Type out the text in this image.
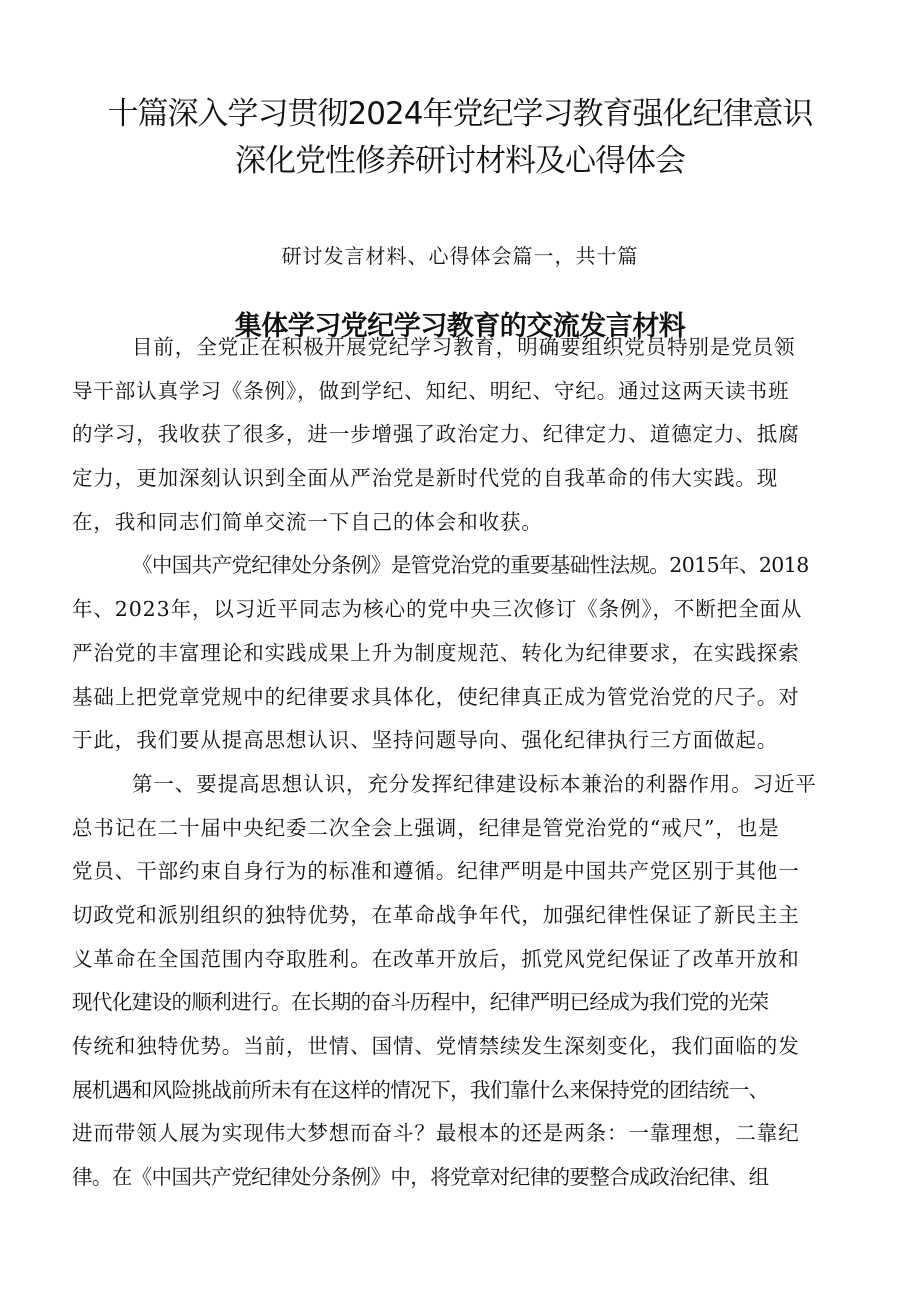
十篇深入学习贯彻2024年党纪学习教育强化纪律意识
深化党性修养研讨材料及心得体会
研讨发言材料、心得体会篇一，共十篇
集体学习党纪学习教育的交流发言材料
目前，全党正在积极开展党纪学习教育，明确要组织党员特别是党员领
导干部认真学习《条例》，做到学纪、知纪、明纪、守纪。通过这两天读书班
的学习，我收获了很多，进一步增强了政治定力、纪律定力、道德定力、抵腐
定力，更加深刻认识到全面从严治党是新时代党的自我革命的伟大实践。现
在，我和同志们简单交流一下自己的体会和收获。
《中国共产党纪律处分条例》是管党治党的重要基础性法规。2015年、2018
年、2023年，以习近平同志为核心的党中央三次修订《条例》，不断把全面从
严治党的丰富理论和实践成果上升为制度规范、转化为纪律要求，在实践探索
基础上把党章党规中的纪律要求具体化，使纪律真正成为管党治党的尺子。对
于此，我们要从提高思想认识、坚持问题导向、强化纪律执行三方面做起。
第一、要提高思想认识，充分发挥纪律建设标本兼治的利器作用。习近平
总书记在二十届中央纪委二次全会上强调，纪律是管党治党的“戒尺”，也是
党员、干部约束自身行为的标准和遵循。纪律严明是中国共产党区别于其他一
切政党和派别组织的独特优势，在革命战争年代，加强纪律性保证了新民主主
义革命在全国范围内夺取胜利。在改革开放后，抓党风党纪保证了改革开放和
现代化建设的顺利进行。在长期的奋斗历程中，纪律严明已经成为我们党的光荣
传统和独特优势。当前，世情、国情、党情禁续发生深刻变化，我们面临的发
展机遇和风险挑战前所未有在这样的情况下，我们靠什么来保持党的团结统一、
进而带领人展为实现伟大梦想而奋斗？最根本的还是两条：一靠理想，二靠纪
律。在《中国共产党纪律处分条例》中，将党章对纪律的要整合成政治纪律、组
